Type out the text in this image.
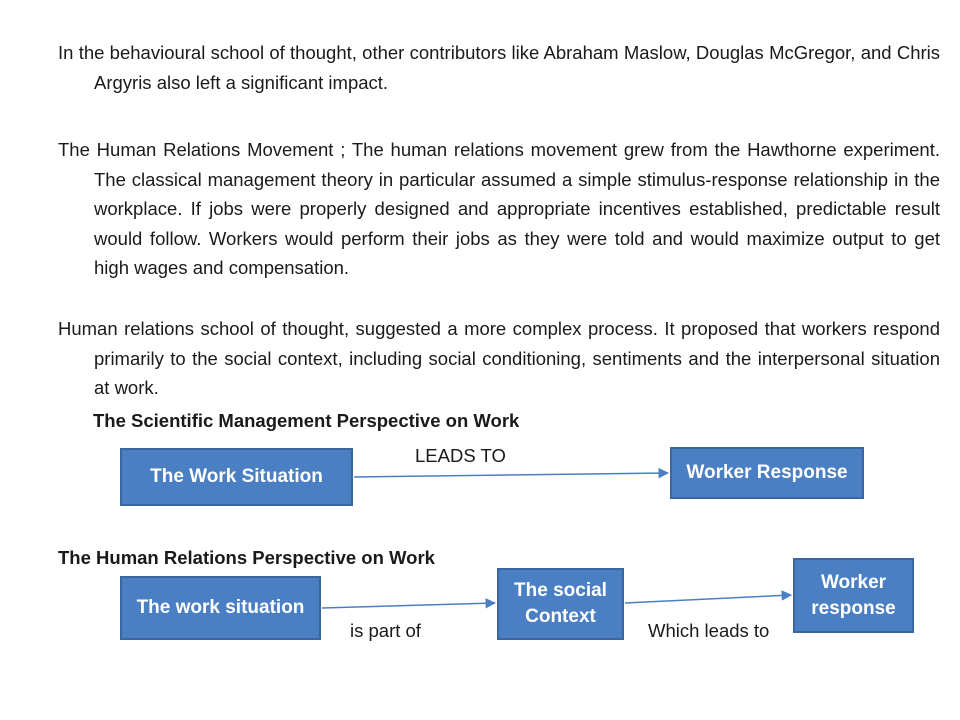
In the behavioural school of thought, other contributors like Abraham Maslow, Douglas McGregor, and Chris Argyris also left a significant impact.

The Human Relations Movement ; The human relations movement grew from the Hawthorne experiment. The classical management theory in particular assumed a simple stimulus-response relationship in the workplace. If jobs were properly designed and appropriate incentives established, predictable result would follow. Workers would perform their jobs as they were told and would maximize output to get high wages and compensation.

Human relations school of thought, suggested a more complex process. It proposed that workers respond primarily to the social context, including social conditioning, sentiments and the interpersonal situation at work.

The Scientific Management Perspective on Work
LEADS TO
The Work Situation	Worker Response
The Human Relations Perspective on Work
The work situation
The social Context
Worker response
is part of	Which leads to
